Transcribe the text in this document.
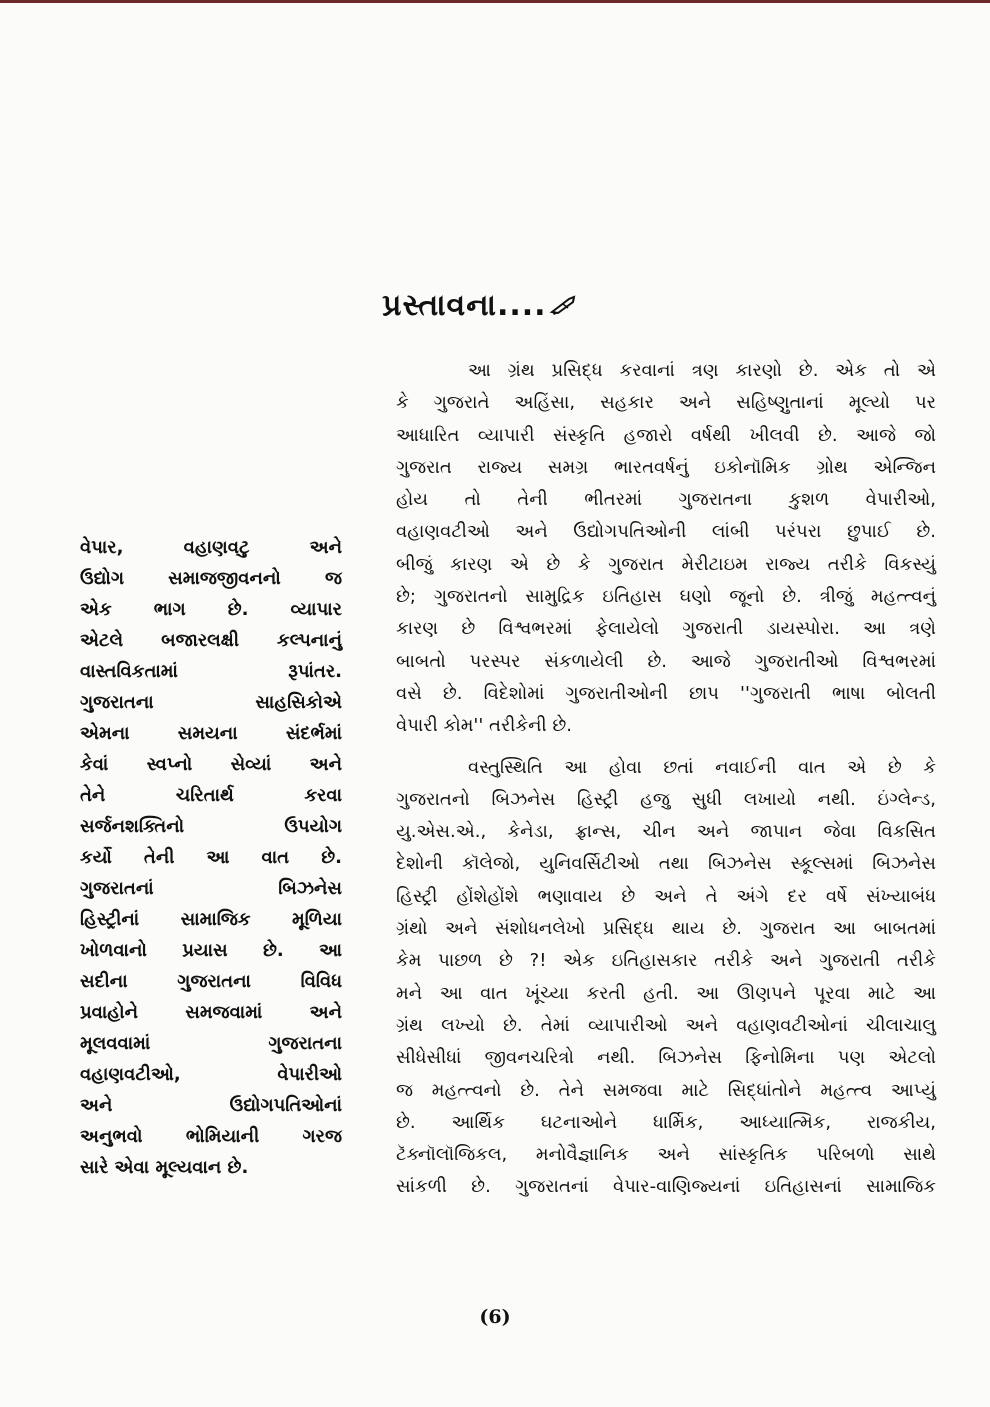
પ્રસ્તાવના....
વેપાર, વહાણવટુ અને
ઉદ્યોગ સમાજજીવનનો જ
એક ભાગ છે. વ્યાપાર
એટલે બજારલક્ષી કલ્પનાનું
વાસ્તવિકતામાં રૂપાંતર.
ગુજરાતના સાહસિકોએ
એમના સમયના સંદર્ભમાં
કેવાં સ્વપ્નો સેવ્યાં અને
તેને ચરિતાર્થ કરવા
સર્જનશક્તિનો ઉપયોગ
કર્યો તેની આ વાત છે.
ગુજરાતનાં બિઝનેસ
હિસ્ટ્રીનાં સામાજિક મૂળિયા
ખોળવાનો પ્રયાસ છે. આ
સદીના ગુજરાતના વિવિધ
પ્રવાહોને સમજવામાં અને
મૂલવવામાં ગુજરાતના
વહાણવટીઓ, વેપારીઓ
અને ઉદ્યોગપતિઓનાં
અનુભવો ભોમિયાની ગરજ
સારે એવા મૂલ્યવાન છે.
આ ગ્રંથ પ્રસિદ્ધ કરવાનાં ત્રણ કારણો છે. એક તો એ
કે ગુજરાતે અહિંસા, સહકાર અને સહિષ્ણુતાનાં મૂલ્યો પર
આધારિત વ્યાપારી સંસ્કૃતિ હજારો વર્ષથી ખીલવી છે. આજે જો
ગુજરાત રાજ્ય સમગ્ર ભારતવર્ષનું ઇકોનૉમિક ગ્રોથ એન્જિન
હોય તો તેની ભીતરમાં ગુજરાતના કુશળ વેપારીઓ,
વહાણવટીઓ અને ઉદ્યોગપતિઓની લાંબી પરંપરા છુપાઈ છે.
બીજું કારણ એ છે કે ગુજરાત મેરીટાઇમ રાજ્ય તરીકે વિકસ્યું
છે; ગુજરાતનો સામુદ્રિક ઇતિહાસ ઘણો જૂનો છે. ત્રીજું મહત્ત્વનું
કારણ છે વિશ્વભરમાં ફેલાયેલો ગુજરાતી ડાયસ્પોરા. આ ત્રણે
બાબતો પરસ્પર સંકળાયેલી છે. આજે ગુજરાતીઓ વિશ્વભરમાં
વસે છે. વિદેશોમાં ગુજરાતીઓની છાપ ''ગુજરાતી ભાષા બોલતી
વેપારી કોમ'' તરીકેની છે.
વસ્તુસ્થિતિ આ હોવા છતાં નવાઈની વાત એ છે કે
ગુજરાતનો બિઝનેસ હિસ્ટ્રી હજુ સુધી લખાયો નથી. ઇંગ્લેન્ડ,
યુ.એસ.એ., કેનેડા, ફ્રાન્સ, ચીન અને જાપાન જેવા વિકસિત
દેશોની કૉલેજો, યુનિવર્સિટીઓ તથા બિઝનેસ સ્કૂલ્સમાં બિઝનેસ
હિસ્ટ્રી હોંશેહોંશે ભણાવાય છે અને તે અંગે દર વર્ષે સંખ્યાબંધ
ગ્રંથો અને સંશોધનલેખો પ્રસિદ્ધ થાય છે. ગુજરાત આ બાબતમાં
કેમ પાછળ છે ?! એક ઇતિહાસકાર તરીકે અને ગુજરાતી તરીકે
મને આ વાત ખૂંચ્યા કરતી હતી. આ ઊણપને પૂરવા માટે આ
ગ્રંથ લખ્યો છે. તેમાં વ્યાપારીઓ અને વહાણવટીઓનાં ચીલાચાલુ
સીધેસીધાં જીવનચરિત્રો નથી. બિઝનેસ ફિનોમિના પણ એટલો
જ મહત્ત્વનો છે. તેને સમજવા માટે સિદ્ધાંતોને મહત્ત્વ આપ્યું
છે. આર્થિક ઘટનાઓને ધાર્મિક, આધ્યાત્મિક, રાજકીય,
ટૅક્નૉલૉજિકલ, મનોવૈજ્ઞાનિક અને સાંસ્કૃતિક પરિબળો સાથે
સાંકળી છે. ગુજરાતનાં વેપાર-વાણિજ્યનાં ઇતિહાસનાં સામાજિક
(6)
